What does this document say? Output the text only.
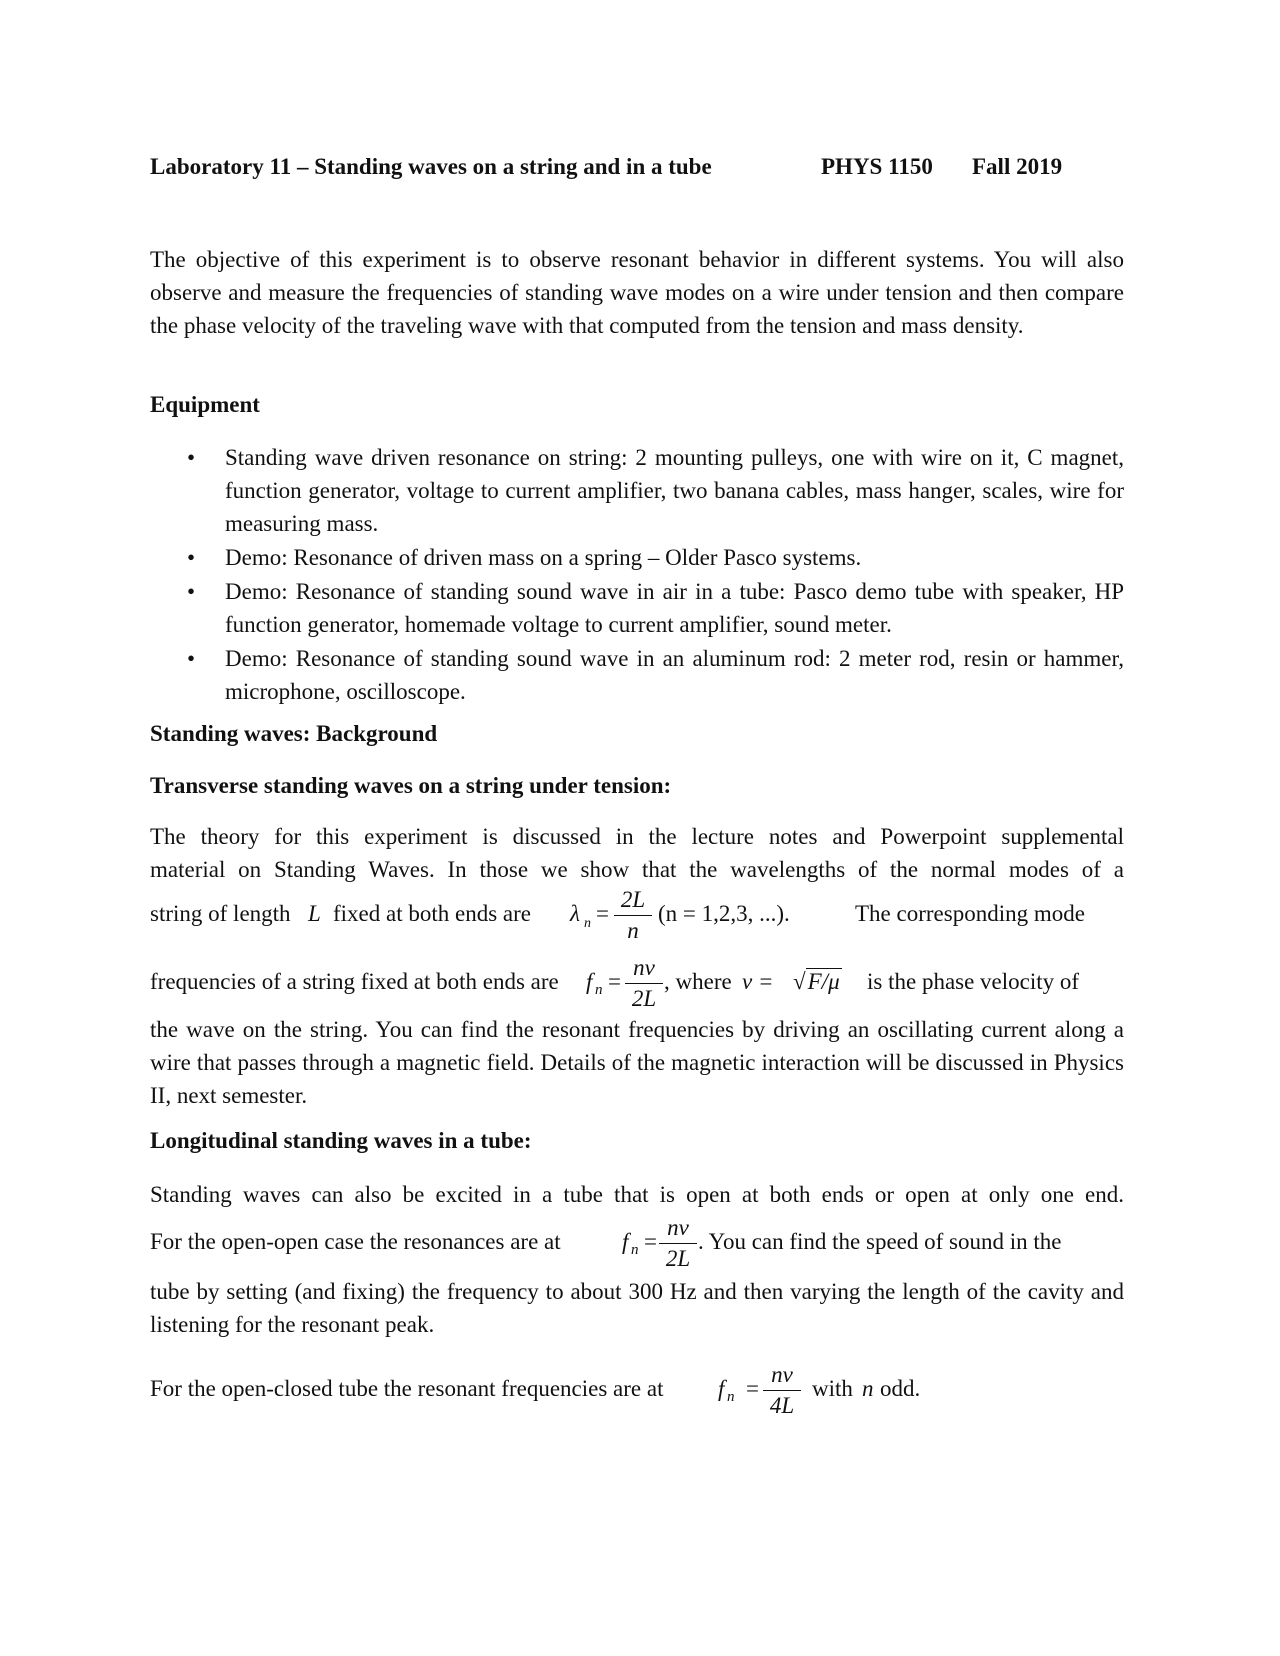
Laboratory 11 – Standing waves on a string and in a tube	PHYS 1150 Fall 2019

The objective of this experiment is to observe resonant behavior in different systems. You will also observe and measure the frequencies of standing wave modes on a wire under tension and then compare the phase velocity of the traveling wave with that computed from the tension and mass density.

Equipment
• Standing wave driven resonance on string: 2 mounting pulleys, one with wire on it, C magnet, function generator, voltage to current amplifier, two banana cables, mass hanger, scales, wire for measuring mass.
• Demo: Resonance of driven mass on a spring – Older Pasco systems.
• Demo: Resonance of standing sound wave in air in a tube: Pasco demo tube with speaker, HP function generator, homemade voltage to current amplifier, sound meter.
• Demo: Resonance of standing sound wave in an aluminum rod: 2 meter rod, resin or hammer, microphone, oscilloscope.
Standing waves: Background
Transverse standing waves on a string under tension:

The theory for this experiment is discussed in the lecture notes and Powerpoint supplemental

material on Standing Waves. In those we show that the wavelengths of the normal modes of a

string of length L fixed at both ends are λ n =
2L
n
(n = 1,2,3, ...).	The corresponding mode
frequencies of a string fixed at both ends are f n =
nv
2L
, where v = √F/μ is the phase velocity of

the wave on the string. You can find the resonant frequencies by driving an oscillating current along a wire that passes through a magnetic field. Details of the magnetic interaction will be discussed in Physics II, next semester.

Longitudinal standing waves in a tube:

Standing waves can also be excited in a tube that is open at both ends or open at only one end.

For the open-open case the resonances are at	f n =
nv
2L
. You can find the speed of sound in the

tube by setting (and fixing) the frequency to about 300 Hz and then varying the length of the cavity and listening for the resonant peak.

For the open-closed tube the resonant frequencies are at f n =
nv
4L
with n odd.
